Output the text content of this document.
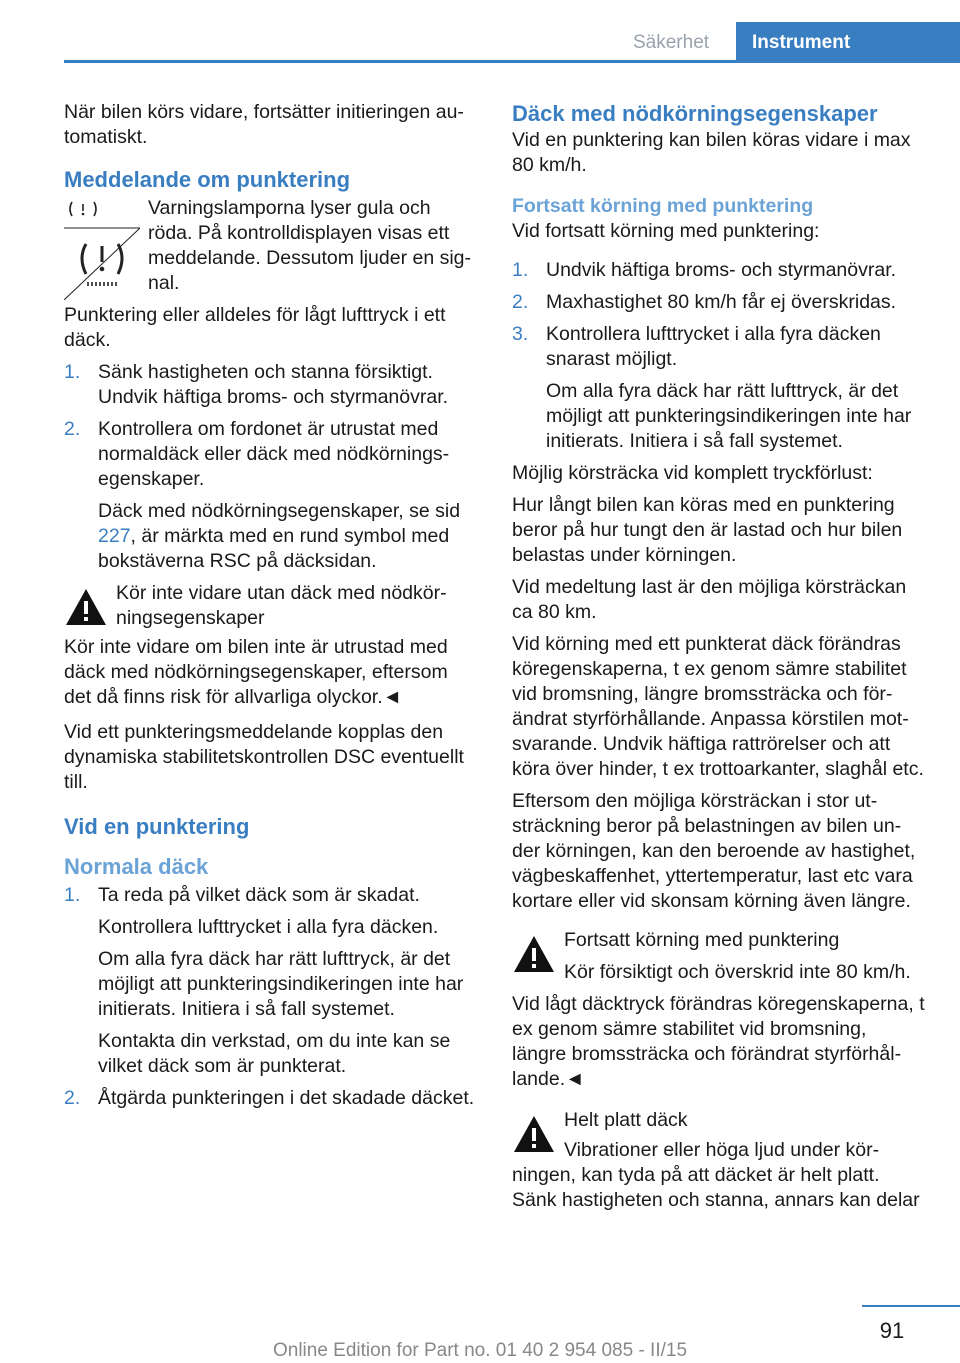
Säkerhet	Instrument

När bilen körs vidare, fortsätter initieringen au-tomatiskt.

Meddelande om punktering

Varningslamporna lyser gula och röda. På kontrolldisplayen visas ett meddelande. Dessutom ljuder en sig-nal.

Punktering eller alldeles för lågt lufttryck i ett däck.

1. Sänk hastigheten och stanna försiktigt. Undvik häftiga broms- och styrmanövrar.

2. Kontrollera om fordonet är utrustat med normaldäck eller däck med nödkörnings-egenskaper.

Däck med nödkörningsegenskaper, se sid 227, är märkta med en rund symbol med bokstäverna RSC på däcksidan.

Kör inte vidare utan däck med nödkör-ningsegenskaper

Kör inte vidare om bilen inte är utrustad med däck med nödkörningsegenskaper, eftersom det då finns risk för allvarliga olyckor.◄

Vid ett punkteringsmeddelande kopplas den dynamiska stabilitetskontrollen DSC eventuellt till.

Vid en punktering
Normala däck
1. Ta reda på vilket däck som är skadat.

Kontrollera lufttrycket i alla fyra däcken.

Om alla fyra däck har rätt lufttryck, är det möjligt att punkteringsindikeringen inte har initierats. Initiera i så fall systemet.

Kontakta din verkstad, om du inte kan se vilket däck som är punkterat.

2. Åtgärda punkteringen i det skadade däcket.

Däck med nödkörningsegenskaper

Vid en punktering kan bilen köras vidare i max 80 km/h.

Fortsatt körning med punktering

Vid fortsatt körning med punktering:

1. Undvik häftiga broms- och styrmanövrar.

2. Maxhastighet 80 km/h får ej överskridas.

3. Kontrollera lufttrycket i alla fyra däcken snarast möjligt.

Om alla fyra däck har rätt lufttryck, är det möjligt att punkteringsindikeringen inte har initierats. Initiera i så fall systemet.

Möjlig körsträcka vid komplett tryckförlust:

Hur långt bilen kan köras med en punktering beror på hur tungt den är lastad och hur bilen belastas under körningen.

Vid medeltung last är den möjliga körsträckan ca 80 km.

Vid körning med ett punkterat däck förändras köregenskaperna, t ex genom sämre stabilitet vid bromsning, längre bromssträcka och för-ändrat styrförhållande. Anpassa körstilen mot-svarande. Undvik häftiga rattrörelser och att köra över hinder, t ex trottoarkanter, slaghål etc.

Eftersom den möjliga körsträckan i stor ut-sträckning beror på belastningen av bilen un-der körningen, kan den beroende av hastighet, vägbeskaffenhet, yttertemperatur, last etc vara kortare eller vid skonsam körning även längre.

Fortsatt körning med punktering

Kör försiktigt och överskrid inte 80 km/h.

Vid lågt däcktryck förändras köregenskaperna, t ex genom sämre stabilitet vid bromsning, längre bromssträcka och förändrat styrförhål-lande.◄

Helt platt däck

Vibrationer eller höga ljud under kör-ningen, kan tyda på att däcket är helt platt. Sänk hastigheten och stanna, annars kan delar

91
Online Edition for Part no. 01 40 2 954 085 - II/15
